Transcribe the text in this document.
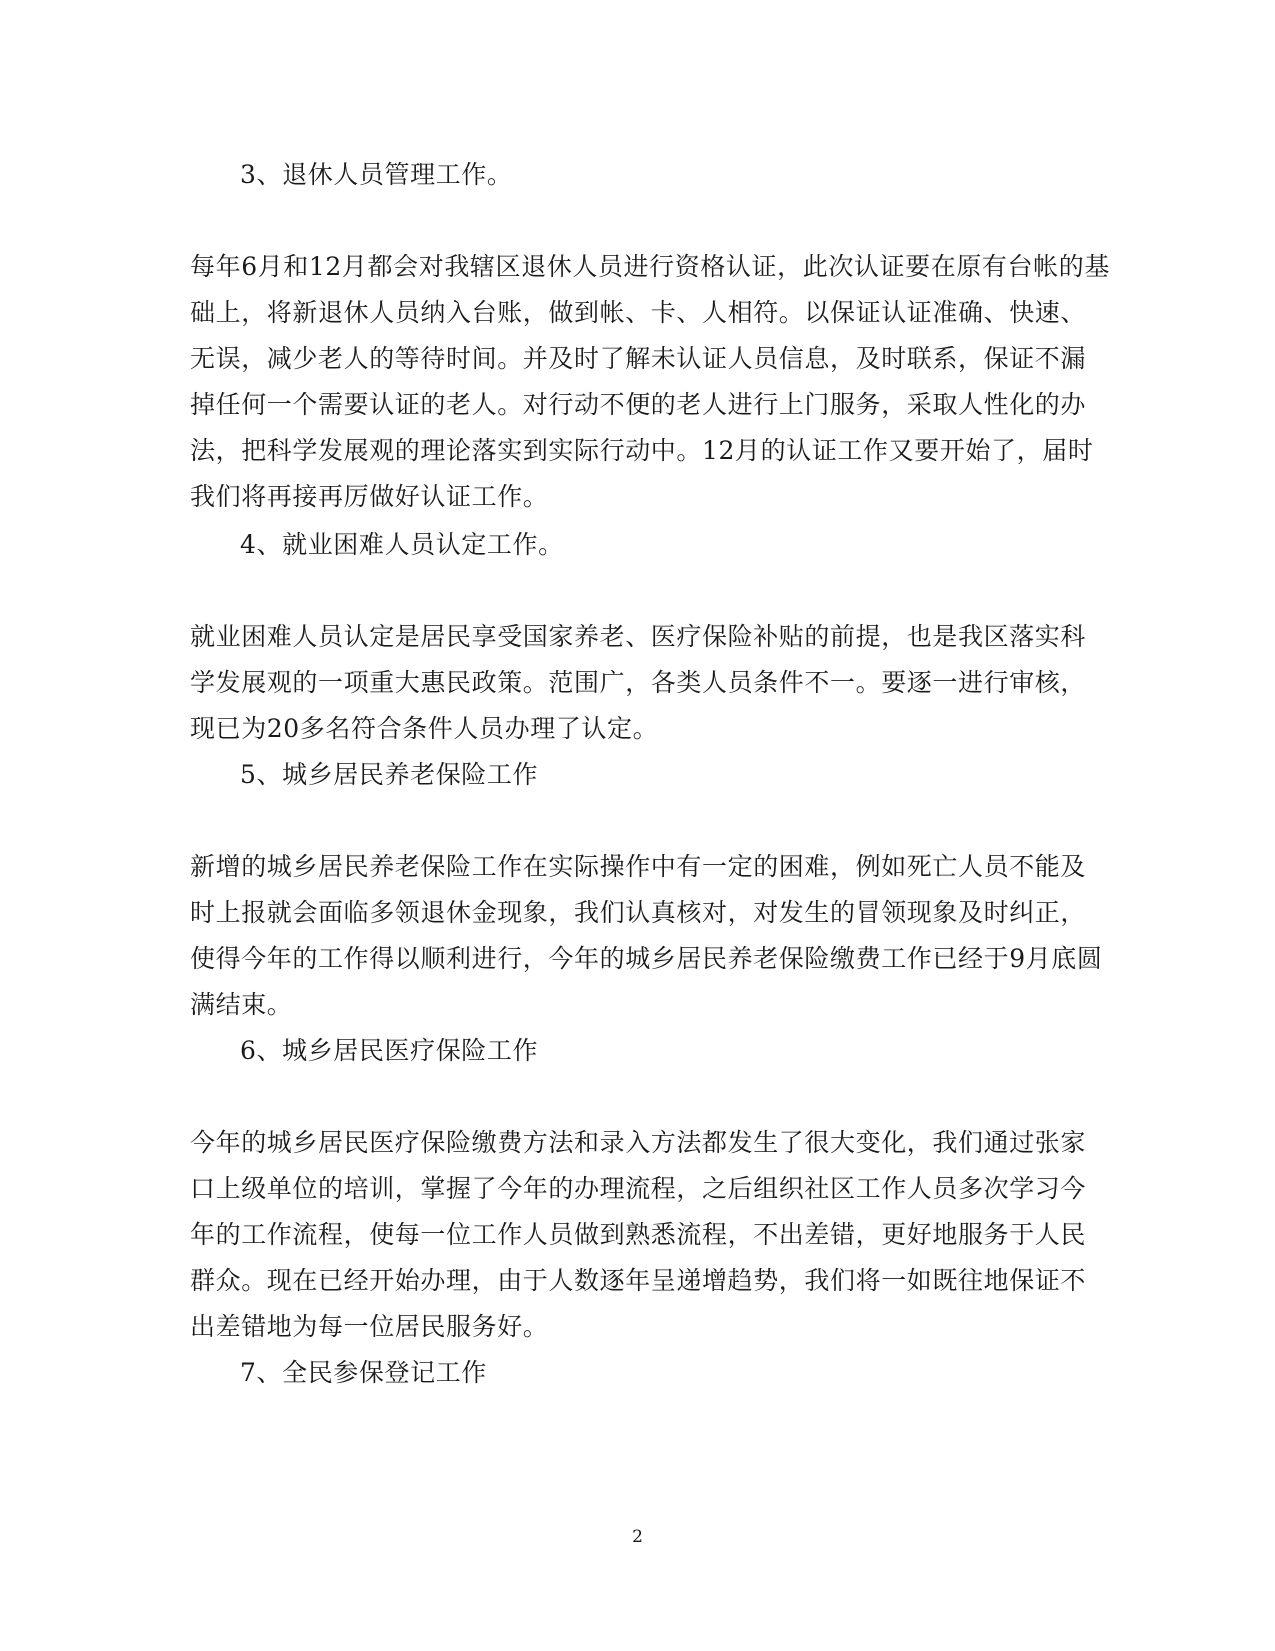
3、退休人员管理工作。
每年6月和12月都会对我辖区退休人员进行资格认证，此次认证要在原有台帐的基
础上，将新退休人员纳入台账，做到帐、卡、人相符。以保证认证准确、快速、
无误，减少老人的等待时间。并及时了解未认证人员信息，及时联系，保证不漏
掉任何一个需要认证的老人。对行动不便的老人进行上门服务，采取人性化的办
法，把科学发展观的理论落实到实际行动中。12月的认证工作又要开始了，届时
我们将再接再厉做好认证工作。
4、就业困难人员认定工作。
就业困难人员认定是居民享受国家养老、医疗保险补贴的前提，也是我区落实科
学发展观的一项重大惠民政策。范围广，各类人员条件不一。要逐一进行审核，
现已为20多名符合条件人员办理了认定。
5、城乡居民养老保险工作
新增的城乡居民养老保险工作在实际操作中有一定的困难，例如死亡人员不能及
时上报就会面临多领退休金现象，我们认真核对，对发生的冒领现象及时纠正，
使得今年的工作得以顺利进行，今年的城乡居民养老保险缴费工作已经于9月底圆
满结束。
6、城乡居民医疗保险工作
今年的城乡居民医疗保险缴费方法和录入方法都发生了很大变化，我们通过张家
口上级单位的培训，掌握了今年的办理流程，之后组织社区工作人员多次学习今
年的工作流程，使每一位工作人员做到熟悉流程，不出差错，更好地服务于人民
群众。现在已经开始办理，由于人数逐年呈递增趋势，我们将一如既往地保证不
出差错地为每一位居民服务好。
7、全民参保登记工作
2
